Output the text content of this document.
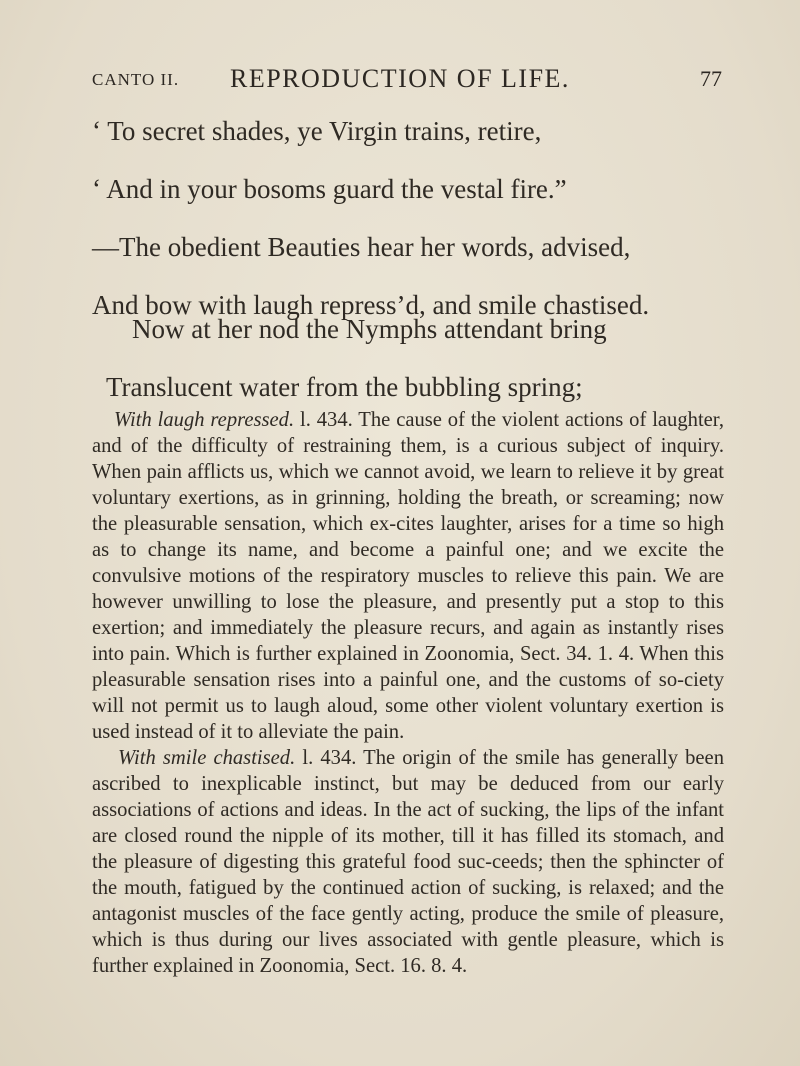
CANTO II. REPRODUCTION OF LIFE.	77

‘ To secret shades, ye Virgin trains, retire,

‘ And in your bosoms guard the vestal fire.”

—The obedient Beauties hear her words, advised,

And bow with laugh repress’d, and smile chastised.

Now at her nod the Nymphs attendant bring

Translucent water from the bubbling spring;

With laugh repressed. l. 434. The cause of the violent actions of laughter, and of the difficulty of restraining them, is a curious subject of inquiry. When pain afflicts us, which we cannot avoid, we learn to relieve it by great voluntary exertions, as in grinning, holding the breath, or screaming; now the pleasurable sensation, which ex-cites laughter, arises for a time so high as to change its name, and become a painful one; and we excite the convulsive motions of the respiratory muscles to relieve this pain. We are however unwilling to lose the pleasure, and presently put a stop to this exertion; and immediately the pleasure recurs, and again as instantly rises into pain. Which is further explained in Zoonomia, Sect. 34. 1. 4. When this pleasurable sensation rises into a painful one, and the customs of so-ciety will not permit us to laugh aloud, some other violent voluntary exertion is used instead of it to alleviate the pain.

With smile chastised. l. 434. The origin of the smile has generally been ascribed to inexplicable instinct, but may be deduced from our early associations of actions and ideas. In the act of sucking, the lips of the infant are closed round the nipple of its mother, till it has filled its stomach, and the pleasure of digesting this grateful food suc-ceeds; then the sphincter of the mouth, fatigued by the continued action of sucking, is relaxed; and the antagonist muscles of the face gently acting, produce the smile of pleasure, which is thus during our lives associated with gentle pleasure, which is further explained in Zoonomia, Sect. 16. 8. 4.
